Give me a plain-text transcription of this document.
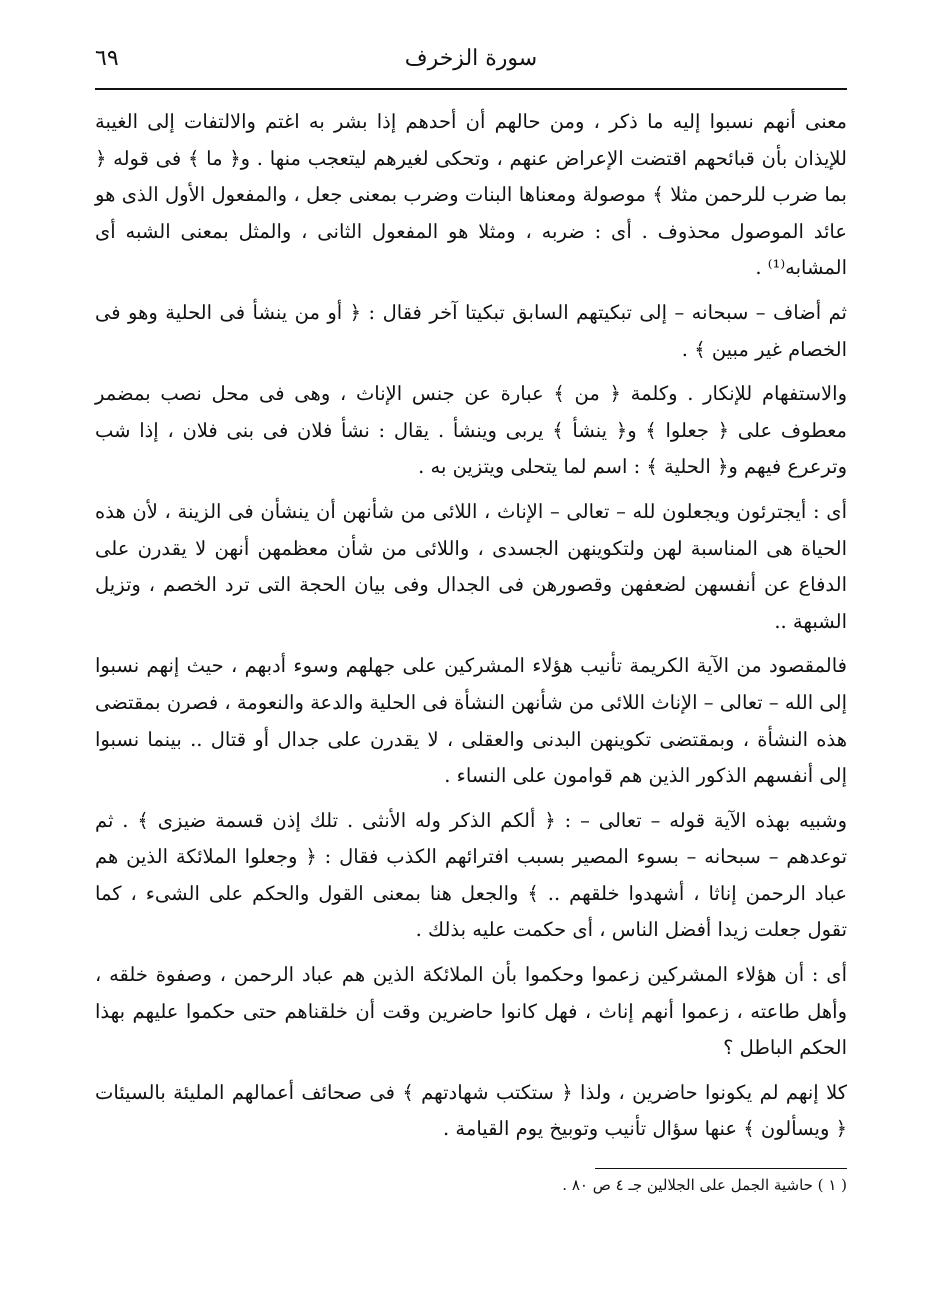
سورة الزخرف
٦٩

معنى أنهم نسبوا إليه ما ذكر ، ومن حالهم أن أحدهم إذا بشر به اغتم والالتفات إلى الغيبة للإيذان بأن قبائحهم اقتضت الإعراض عنهم ، وتحكى لغيرهم ليتعجب منها . و﴿ ما ﴾ فى قوله ﴿ بما ضرب للرحمن مثلا ﴾ موصولة ومعناها البنات وضرب بمعنى جعل ، والمفعول الأول الذى هو عائد الموصول محذوف . أى : ضربه ، ومثلا هو المفعول الثانى ، والمثل بمعنى الشبه أى المشابه⁽¹⁾ .

ثم أضاف – سبحانه – إلى تبكيتهم السابق تبكيتا آخر فقال : ﴿ أو من ينشأ فى الحلية وهو فى الخصام غير مبين ﴾ .

والاستفهام للإنكار . وكلمة ﴿ من ﴾ عبارة عن جنس الإناث ، وهى فى محل نصب بمضمر معطوف على ﴿ جعلوا ﴾ و﴿ ينشأ ﴾ يربى وينشأ . يقال : نشأ فلان فى بنى فلان ، إذا شب وترعرع فيهم و﴿ الحلية ﴾ : اسم لما يتحلى ويتزين به .

أى : أيجترئون ويجعلون لله – تعالى – الإناث ، اللائى من شأنهن أن ينشأن فى الزينة ، لأن هذه الحياة هى المناسبة لهن ولتكوينهن الجسدى ، واللائى من شأن معظمهن أنهن لا يقدرن على الدفاع عن أنفسهن لضعفهن وقصورهن فى الجدال وفى بيان الحجة التى ترد الخصم ، وتزيل الشبهة ..

فالمقصود من الآية الكريمة تأنيب هؤلاء المشركين على جهلهم وسوء أدبهم ، حيث إنهم نسبوا إلى الله – تعالى – الإناث اللائى من شأنهن النشأة فى الحلية والدعة والنعومة ، فصرن بمقتضى هذه النشأة ، وبمقتضى تكوينهن البدنى والعقلى ، لا يقدرن على جدال أو قتال .. بينما نسبوا إلى أنفسهم الذكور الذين هم قوامون على النساء .

وشبيه بهذه الآية قوله – تعالى – : ﴿ ألكم الذكر وله الأنثى . تلك إذن قسمة ضيزى ﴾ . ثم توعدهم – سبحانه – بسوء المصير بسبب افترائهم الكذب فقال : ﴿ وجعلوا الملائكة الذين هم عباد الرحمن إناثا ، أشهدوا خلقهم .. ﴾ والجعل هنا بمعنى القول والحكم على الشىء ، كما تقول جعلت زيدا أفضل الناس ، أى حكمت عليه بذلك .

أى : أن هؤلاء المشركين زعموا وحكموا بأن الملائكة الذين هم عباد الرحمن ، وصفوة خلقه ، وأهل طاعته ، زعموا أنهم إناث ، فهل كانوا حاضرين وقت أن خلقناهم حتى حكموا عليهم بهذا الحكم الباطل ؟

كلا إنهم لم يكونوا حاضرين ، ولذا ﴿ ستكتب شهادتهم ﴾ فى صحائف أعمالهم المليئة بالسيئات ﴿ ويسألون ﴾ عنها سؤال تأنيب وتوبيخ يوم القيامة .

( ١ ) حاشية الجمل على الجلالين جـ ٤ ص ٨٠ .
